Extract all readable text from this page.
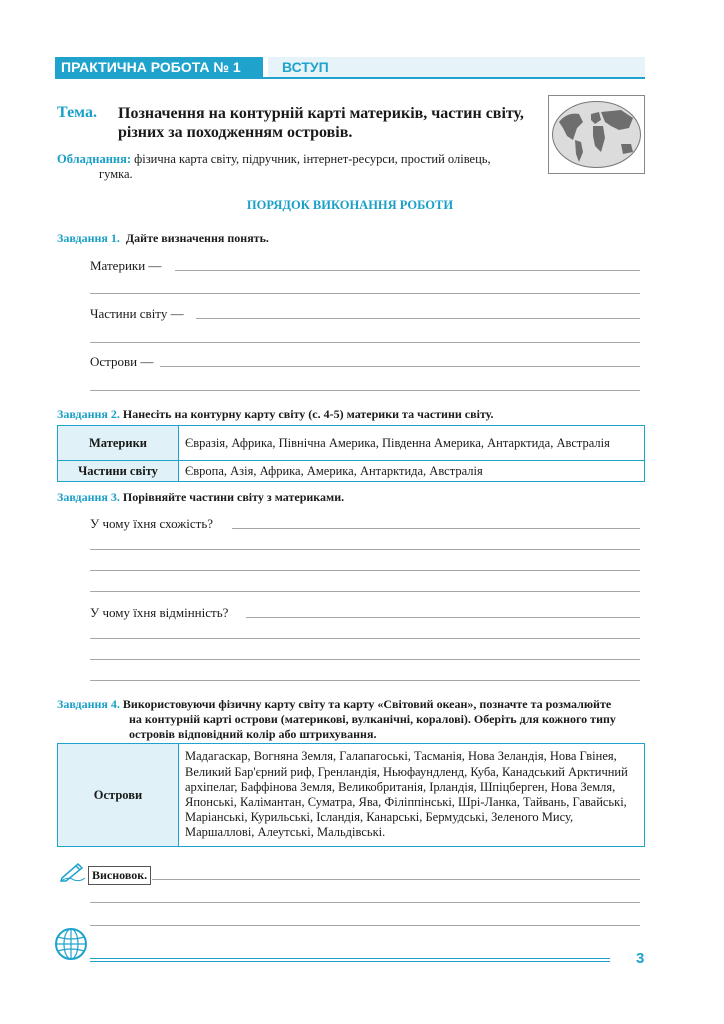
ПРАКТИЧНА РОБОТА № 1	ВСТУП
Тема. Позначення на контурній карті материків, частин світу,
різних за походженням островів.
Обладнання: фізична карта світу, підручник, інтернет-ресурси, простий олівець,
гумка.
ПОРЯДОК ВИКОНАННЯ РОБОТИ
Завдання 1. Дайте визначення понять.
Материки —
Частини світу —
Острови —
Завдання 2. Нанесіть на контурну карту світу (с. 4-5) материки та частини світу.
Материки	Євразія, Африка, Північна Америка, Південна Америка, Антарктида, Австралія
Частини світу	Європа, Азія, Африка, Америка, Антарктида, Австралія
Завдання 3. Порівняйте частини світу з материками.
У чому їхня схожість?
У чому їхня відмінність?
Завдання 4. Використовуючи фізичну карту світу та карту «Світовий океан», позначте та розмалюйте
на контурній карті острови (материкові, вулканічні, коралові). Оберіть для кожного типу
островів відповідний колір або штрихування.
Острови	Мадагаскар, Вогняна Земля, Галапагоські, Тасманія, Нова Зеландія, Нова Гвінея, Великий Бар'єрний риф, Гренландія, Ньюфаундленд, Куба, Канадський Арктичний архіпелаг, Баффінова Земля, Великобританія, Ірландія, Шпіцберген, Нова Земля, Японські, Калімантан, Суматра, Ява, Філіппінські, Шрі-Ланка, Тайвань, Гавайські, Маріанські, Курильські, Ісландія, Канарські, Бермудські, Зеленого Мису, Маршаллові, Алеутські, Мальдівські.
Висновок.
3
